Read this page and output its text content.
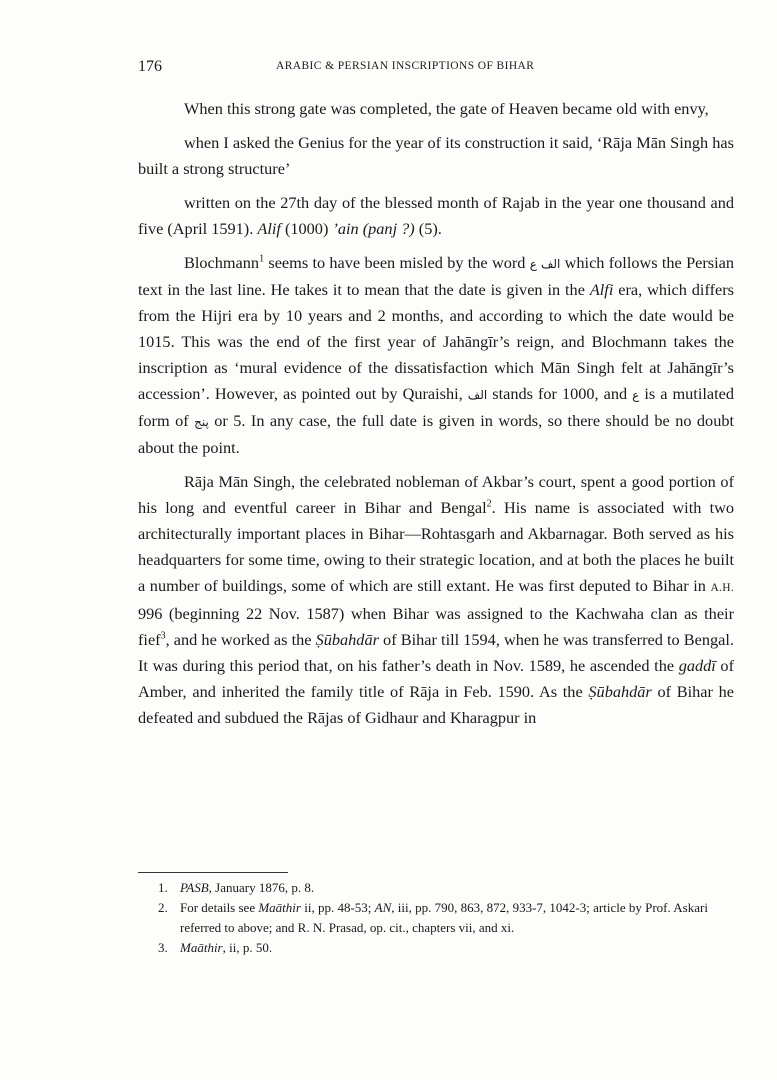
176	ARABIC & PERSIAN INSCRIPTIONS OF BIHAR

When this strong gate was completed, the gate of Heaven became old with envy,

when I asked the Genius for the year of its construction it said, ‘Rāja Mān Singh has built a strong structure’

written on the 27th day of the blessed month of Rajab in the year one thousand and five (April 1591). Alif (1000) ’ain (panj ?) (5).

Blochmann$^1$ seems to have been misled by the word الف ع which follows the Persian text in the last line. He takes it to mean that the date is given in the Alfi era, which differs from the Hijri era by 10 years and 2 months, and according to which the date would be 1015. This was the end of the first year of Jahāngīr’s reign, and Blochmann takes the inscription as ‘mural evidence of the dissatisfaction which Mān Singh felt at Jahāngīr’s accession’. However, as pointed out by Quraishi, الف stands for 1000, and ع is a mutilated form of پنج or 5. In any case, the full date is given in words, so there should be no doubt about the point.

Rāja Mān Singh, the celebrated nobleman of Akbar’s court, spent a good portion of his long and eventful career in Bihar and Bengal$^2$. His name is associated with two architecturally important places in Bihar—Rohtasgarh and Akbarnagar. Both served as his headquarters for some time, owing to their strategic location, and at both the places he built a number of buildings, some of which are still extant. He was first deputed to Bihar in A.H. 996 (beginning 22 Nov. 1587) when Bihar was assigned to the Kachwaha clan as their fief$^3$, and he worked as the Ṣūbahdār of Bihar till 1594, when he was transferred to Bengal. It was during this period that, on his father’s death in Nov. 1589, he ascended the gaddī of Amber, and inherited the family title of Rāja in Feb. 1590. As the Ṣūbahdār of Bihar he defeated and subdued the Rājas of Gidhaur and Kharagpur in

1. PASB, January 1876, p. 8.
2. For details see Maāthir ii, pp. 48-53; AN, iii, pp. 790, 863, 872, 933-7, 1042-3; article by Prof. Askari referred to above; and R. N. Prasad, op. cit., chapters vii, and xi.
3. Maāthir, ii, p. 50.
